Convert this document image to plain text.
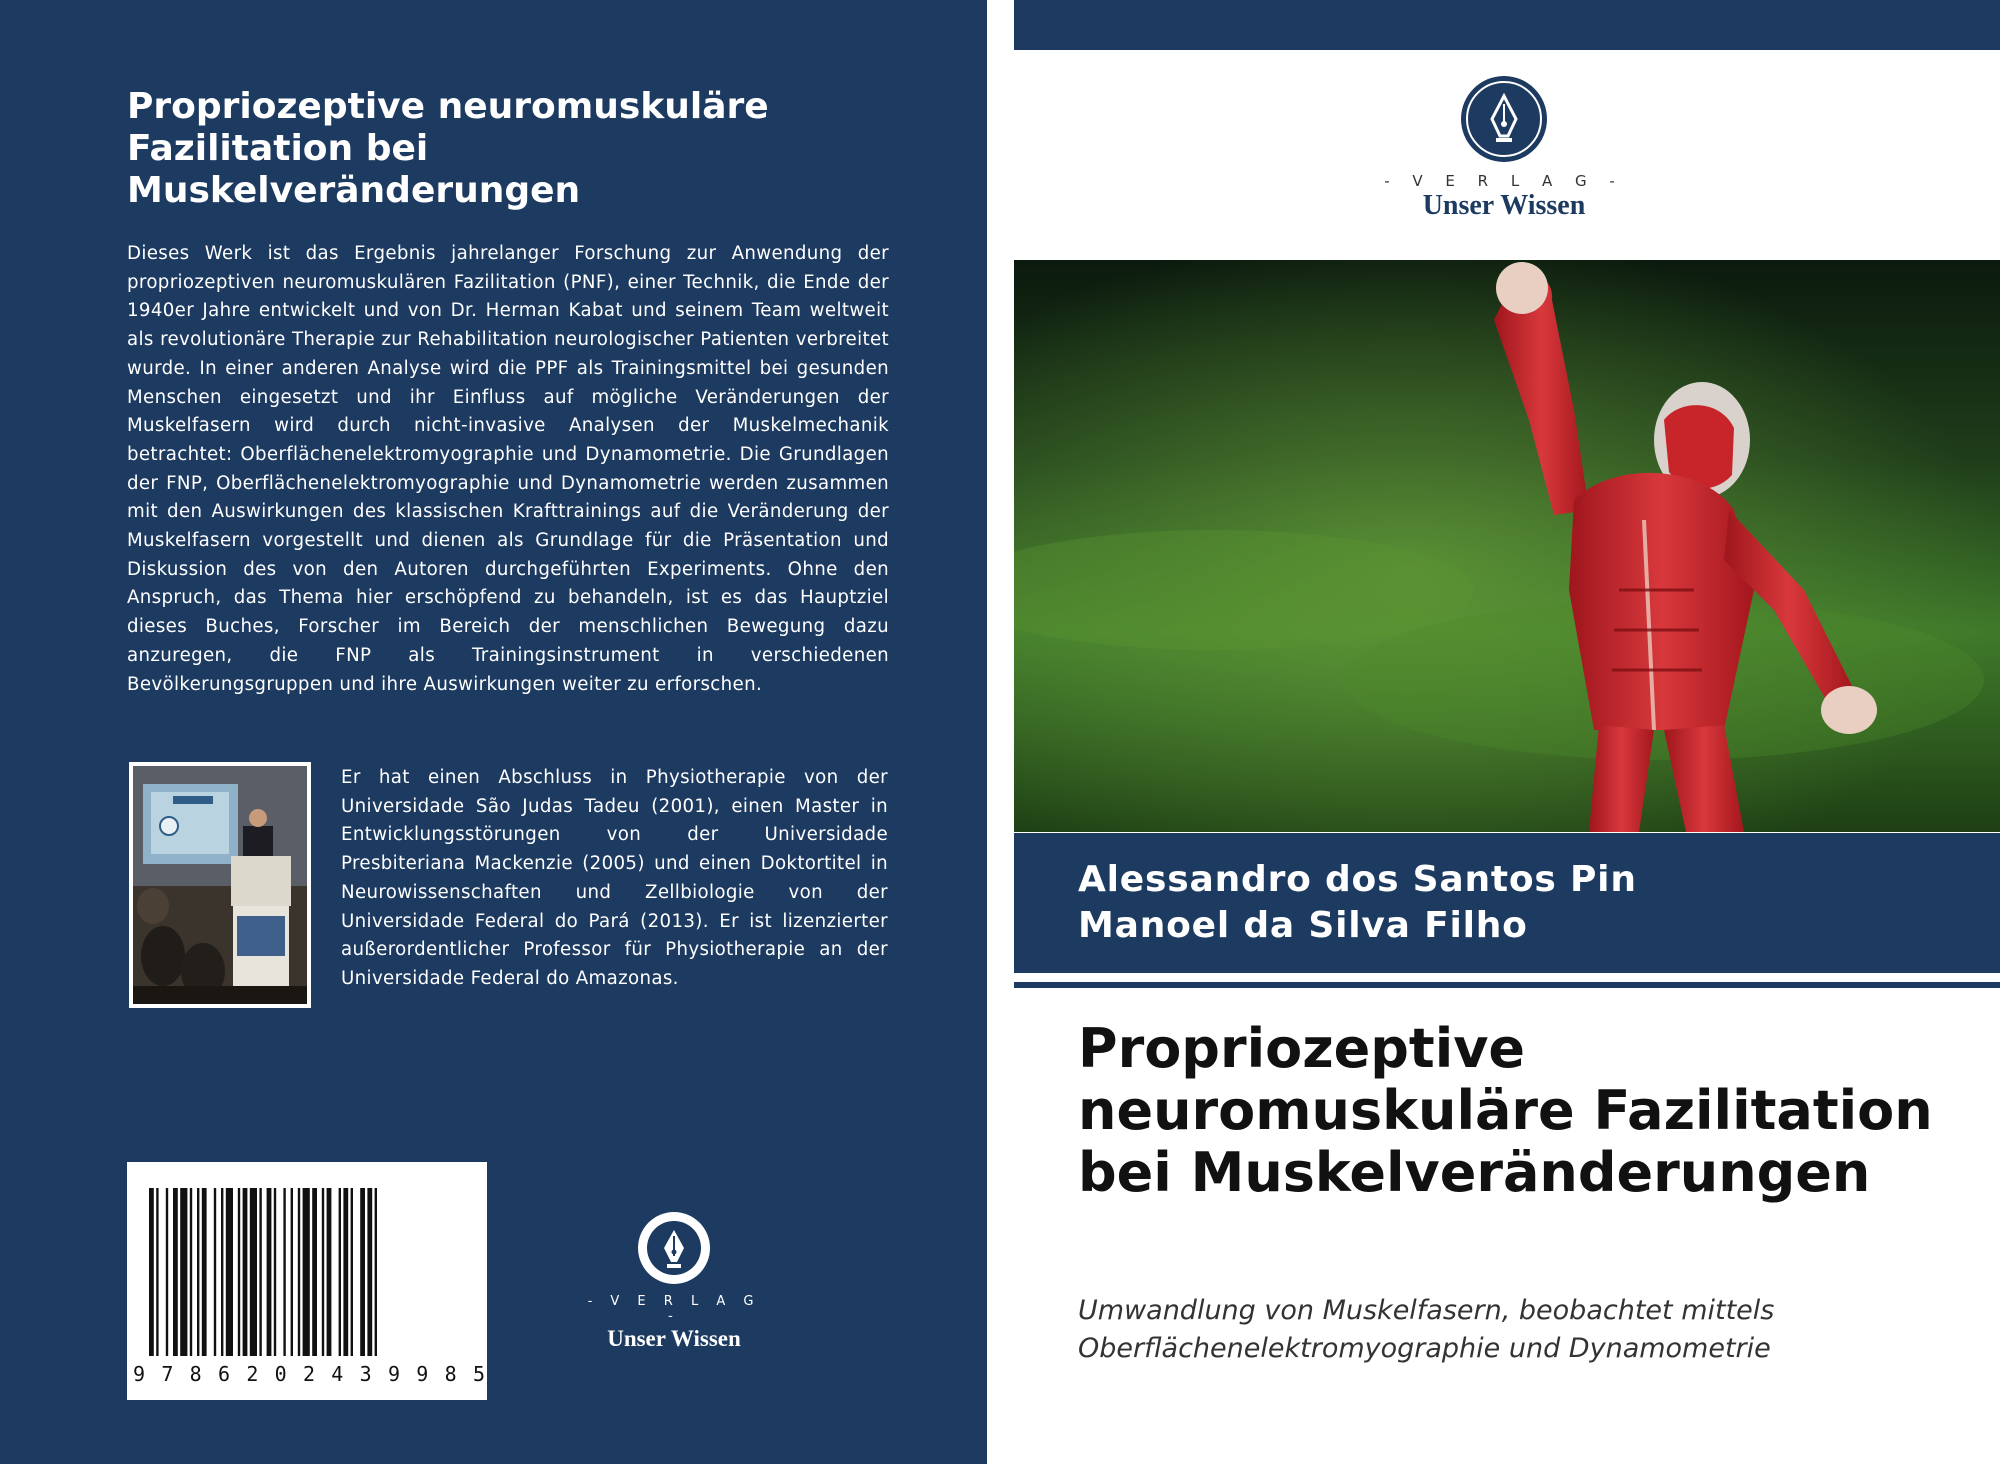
Propriozeptive neuromuskuläre Fazilitation bei Muskelveränderungen

Dieses Werk ist das Ergebnis jahrelanger Forschung zur Anwendung der propriozeptiven neuromuskulären Fazilitation (PNF), einer Technik, die Ende der 1940er Jahre entwickelt und von Dr. Herman Kabat und seinem Team weltweit als revolutionäre Therapie zur Rehabilitation neurologischer Patienten verbreitet wurde. In einer anderen Analyse wird die PPF als Trainingsmittel bei gesunden Menschen eingesetzt und ihr Einfluss auf mögliche Veränderungen der Muskelfasern wird durch nicht-invasive Analysen der Muskelmechanik betrachtet: Oberflächenelektromyographie und Dynamometrie. Die Grundlagen der FNP, Oberflächenelektromyographie und Dynamometrie werden zusammen mit den Auswirkungen des klassischen Krafttrainings auf die Veränderung der Muskelfasern vorgestellt und dienen als Grundlage für die Präsentation und Diskussion des von den Autoren durchgeführten Experiments. Ohne den Anspruch, das Thema hier erschöpfend zu behandeln, ist es das Hauptziel dieses Buches, Forscher im Bereich der menschlichen Bewegung dazu anzuregen, die FNP als Trainingsinstrument in verschiedenen Bevölkerungsgruppen und ihre Auswirkungen weiter zu erforschen.

Er hat einen Abschluss in Physiotherapie von der Universidade São Judas Tadeu (2001), einen Master in Entwicklungsstörungen von der Universidade Presbiteriana Mackenzie (2005) und einen Doktortitel in Neurowissenschaften und Zellbiologie von der Universidade Federal do Pará (2013). Er ist lizenzierter außerordentlicher Professor für Physiotherapie an der Universidade Federal do Amazonas.

9 7 8 6 2 0 2 4 3 9 9 8 5
- V E R L A G -
Unser Wissen
- V E R L A G -
Unser Wissen

Alessandro dos Santos Pin

Manoel da Silva Filho

Propriozeptive neuromuskuläre Fazilitation bei Muskelveränderungen

Umwandlung von Muskelfasern, beobachtet mittels Oberflächenelektromyographie und Dynamometrie
